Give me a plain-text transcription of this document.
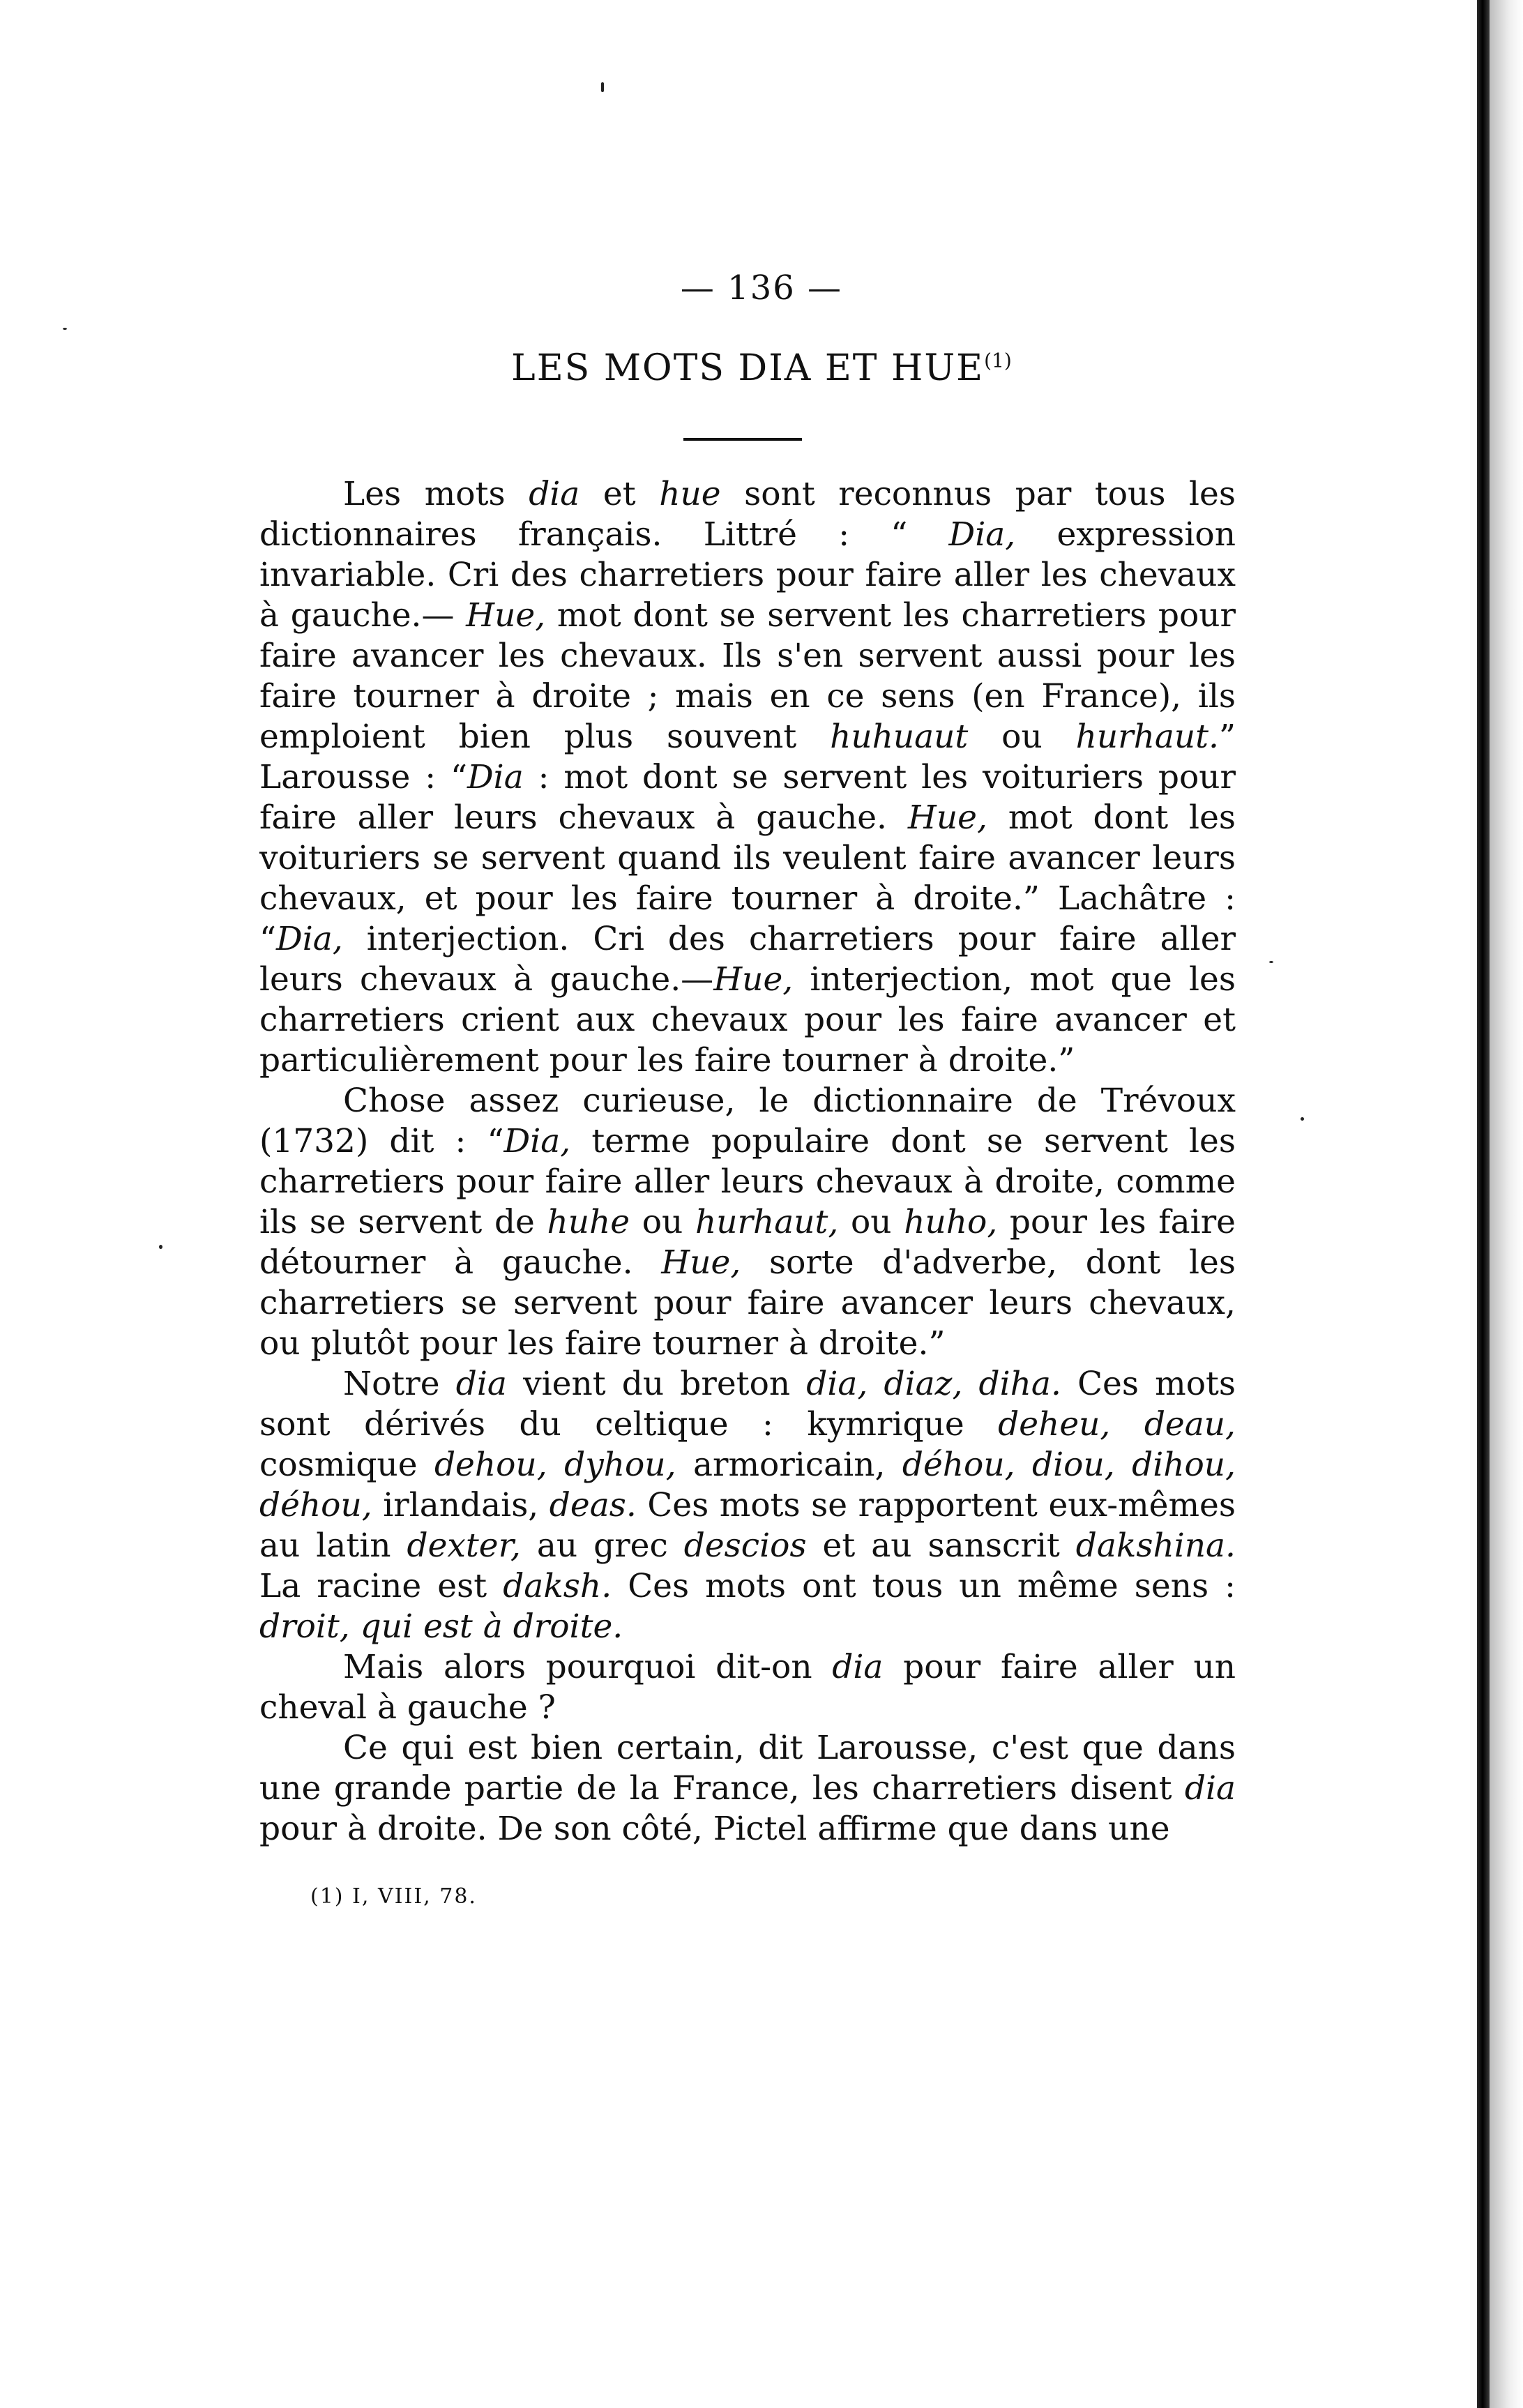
— 136 —
LES MOTS DIA ET HUE$^{(1)}$

Les mots dia et hue sont reconnus par tous les dictionnaires français. Littré : “ Dia, expression invariable. Cri des charretiers pour faire aller les chevaux à gauche.— Hue, mot dont se servent les charretiers pour faire avancer les chevaux. Ils s'en servent aussi pour les faire tourner à droite ; mais en ce sens (en France), ils emploient bien plus souvent huhuaut ou hurhaut.” Larousse : “Dia : mot dont se servent les voituriers pour faire aller leurs chevaux à gauche. Hue, mot dont les voituriers se servent quand ils veulent faire avancer leurs chevaux, et pour les faire tourner à droite.” Lachâtre : “Dia, interjection. Cri des charretiers pour faire aller leurs chevaux à gauche.—Hue, interjection, mot que les charretiers crient aux chevaux pour les faire avancer et particulièrement pour les faire tourner à droite.”

Chose assez curieuse, le dictionnaire de Trévoux (1732) dit : “Dia, terme populaire dont se servent les charretiers pour faire aller leurs chevaux à droite, comme ils se servent de huhe ou hurhaut, ou huho, pour les faire détourner à gauche. Hue, sorte d'adverbe, dont les charretiers se servent pour faire avancer leurs chevaux, ou plutôt pour les faire tourner à droite.”

Notre dia vient du breton dia, diaz, diha. Ces mots sont dérivés du celtique : kymrique deheu, deau, cosmique dehou, dyhou, armoricain, déhou, diou, dihou, déhou, irlandais, deas. Ces mots se rapportent eux-mêmes au latin dexter, au grec descios et au sanscrit dakshina. La racine est daksh. Ces mots ont tous un même sens : droit, qui est à droite.

Mais alors pourquoi dit-on dia pour faire aller un cheval à gauche ?

Ce qui est bien certain, dit Larousse, c'est que dans une grande partie de la France, les charretiers disent dia pour à droite. De son côté, Pictel affirme que dans une

(1) I, VIII, 78.
